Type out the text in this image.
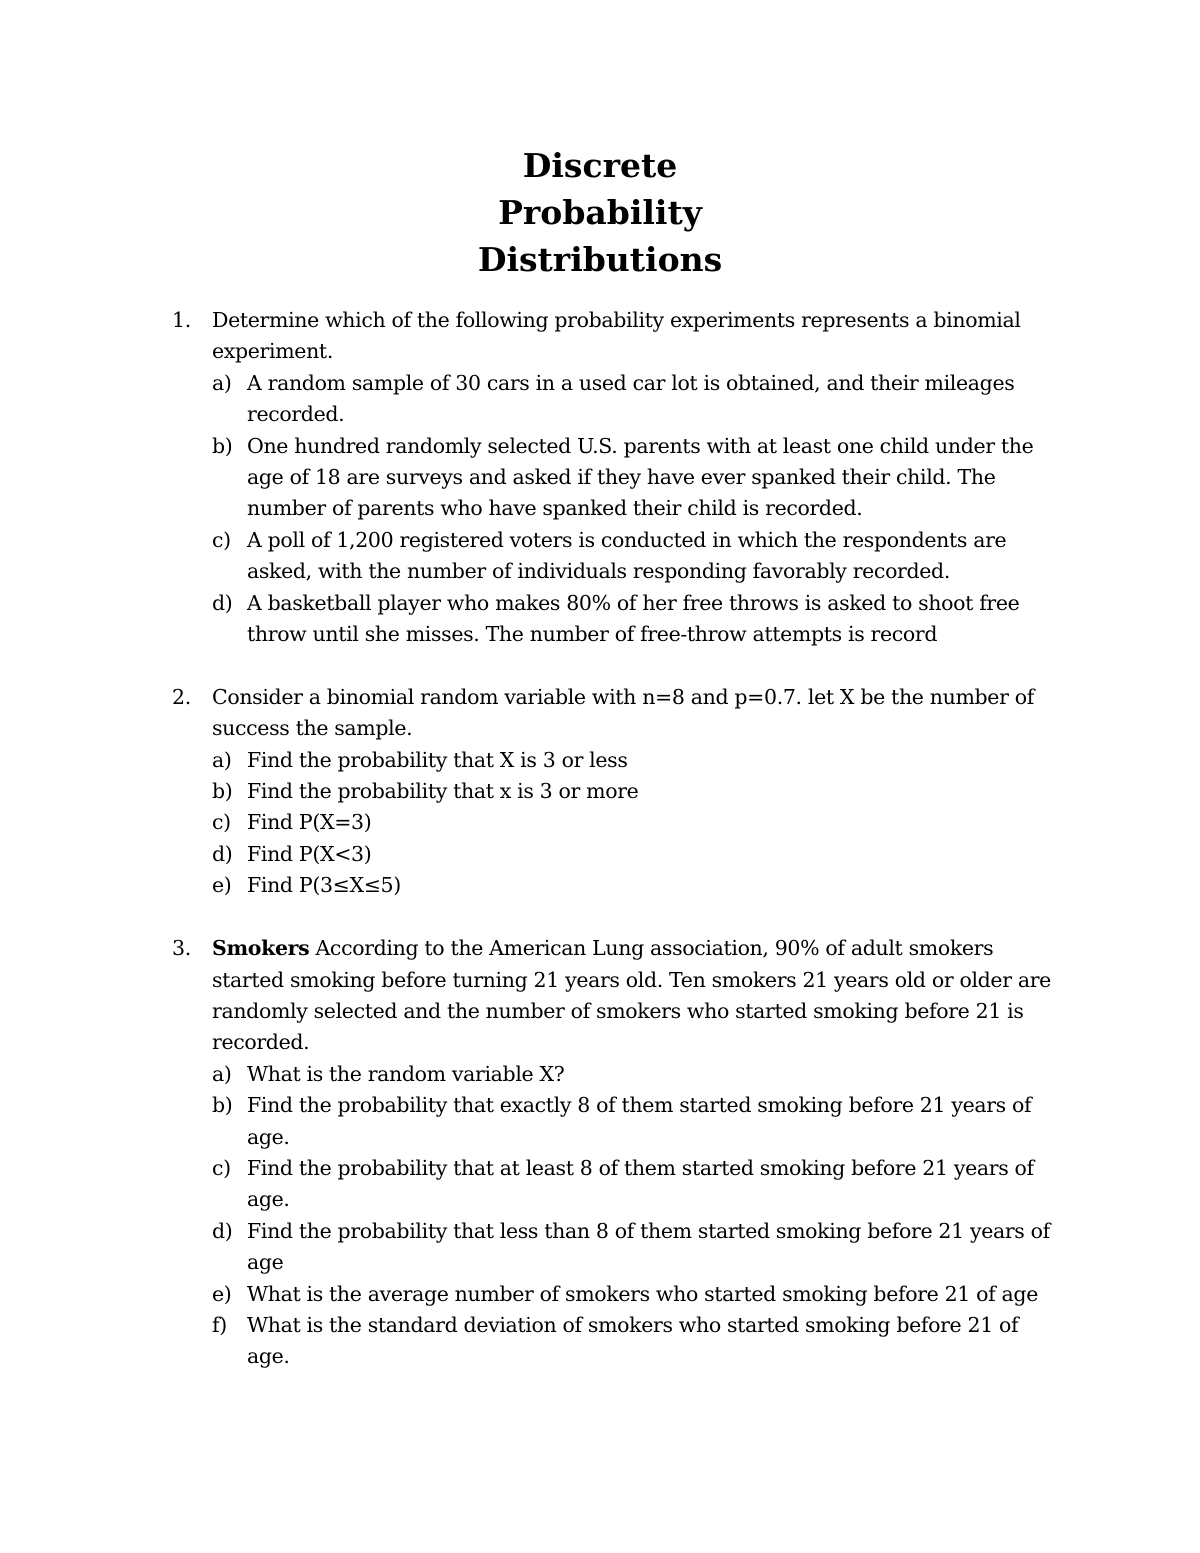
Discrete
Probability
Distributions
1.	Determine which of the following probability experiments represents a binomial experiment.
a) A random sample of 30 cars in a used car lot is obtained, and their mileages recorded.
b) One hundred randomly selected U.S. parents with at least one child under the age of 18 are surveys and asked if they have ever spanked their child. The number of parents who have spanked their child is recorded.
c) A poll of 1,200 registered voters is conducted in which the respondents are asked, with the number of individuals responding favorably recorded.
d) A basketball player who makes 80% of her free throws is asked to shoot free throw until she misses. The number of free-throw attempts is record
2.	Consider a binomial random variable with n=8 and p=0.7. let X be the number of success the sample.
a) Find the probability that X is 3 or less
b) Find the probability that x is 3 or more
c) Find P(X=3)
d) Find P(X<3)
e) Find P(3≤X≤5)
3.	Smokers According to the American Lung association, 90% of adult smokers started smoking before turning 21 years old. Ten smokers 21 years old or older are randomly selected and the number of smokers who started smoking before 21 is recorded.
a) What is the random variable X?
b) Find the probability that exactly 8 of them started smoking before 21 years of age.
c) Find the probability that at least 8 of them started smoking before 21 years of age.
d) Find the probability that less than 8 of them started smoking before 21 years of age
e) What is the average number of smokers who started smoking before 21 of age
f) What is the standard deviation of smokers who started smoking before 21 of age.
